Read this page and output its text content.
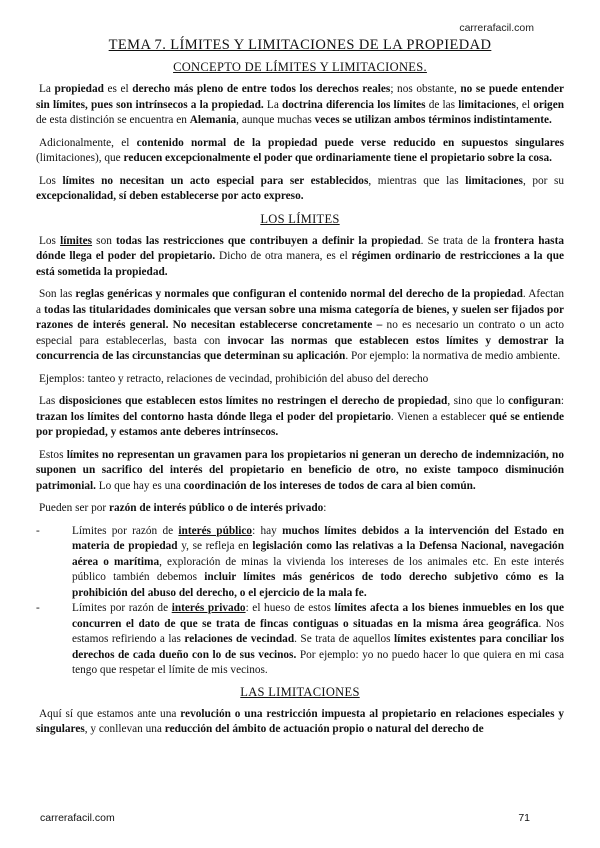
carrerafacil.com
TEMA 7. LÍMITES Y LIMITACIONES DE LA PROPIEDAD
CONCEPTO DE LÍMITES Y LIMITACIONES.

La propiedad es el derecho más pleno de entre todos los derechos reales; nos obstante, no se puede entender sin límites, pues son intrínsecos a la propiedad. La doctrina diferencia los límites de las limitaciones, el origen de esta distinción se encuentra en Alemania, aunque muchas veces se utilizan ambos términos indistintamente.

Adicionalmente, el contenido normal de la propiedad puede verse reducido en supuestos singulares (limitaciones), que reducen excepcionalmente el poder que ordinariamente tiene el propietario sobre la cosa.

Los límites no necesitan un acto especial para ser establecidos, mientras que las limitaciones, por su excepcionalidad, sí deben establecerse por acto expreso.

LOS LÍMITES

Los límites son todas las restricciones que contribuyen a definir la propiedad. Se trata de la frontera hasta dónde llega el poder del propietario. Dicho de otra manera, es el régimen ordinario de restricciones a la que está sometida la propiedad.

Son las reglas genéricas y normales que configuran el contenido normal del derecho de la propiedad. Afectan a todas las titularidades dominicales que versan sobre una misma categoría de bienes, y suelen ser fijados por razones de interés general. No necesitan establecerse concretamente – no es necesario un contrato o un acto especial para establecerlas, basta con invocar las normas que establecen estos límites y demostrar la concurrencia de las circunstancias que determinan su aplicación. Por ejemplo: la normativa de medio ambiente.

Ejemplos: tanteo y retracto, relaciones de vecindad, prohibición del abuso del derecho

Las disposiciones que establecen estos límites no restringen el derecho de propiedad, sino que lo configuran: trazan los límites del contorno hasta dónde llega el poder del propietario. Vienen a establecer qué se entiende por propiedad, y estamos ante deberes intrínsecos.

Estos límites no representan un gravamen para los propietarios ni generan un derecho de indemnización, no suponen un sacrifico del interés del propietario en beneficio de otro, no existe tampoco disminución patrimonial. Lo que hay es una coordinación de los intereses de todos de cara al bien común.

Pueden ser por razón de interés público o de interés privado:

-	Límites por razón de interés público: hay muchos límites debidos a la intervención del Estado en materia de propiedad y, se refleja en legislación como las relativas a la Defensa Nacional, navegación aérea o marítima, exploración de minas la vivienda los intereses de los animales etc. En este interés público también debemos incluir límites más genéricos de todo derecho subjetivo cómo es la prohibición del abuso del derecho, o el ejercicio de la mala fe.

-	Límites por razón de interés privado: el hueso de estos límites afecta a los bienes inmuebles en los que concurren el dato de que se trata de fincas contiguas o situadas en la misma área geográfica. Nos estamos refiriendo a las relaciones de vecindad. Se trata de aquellos límites existentes para conciliar los derechos de cada dueño con lo de sus vecinos. Por ejemplo: yo no puedo hacer lo que quiera en mi casa tengo que respetar el límite de mis vecinos.

LAS LIMITACIONES

Aquí sí que estamos ante una revolución o una restricción impuesta al propietario en relaciones especiales y singulares, y conllevan una reducción del ámbito de actuación propio o natural del derecho de

carrerafacil.com	71
